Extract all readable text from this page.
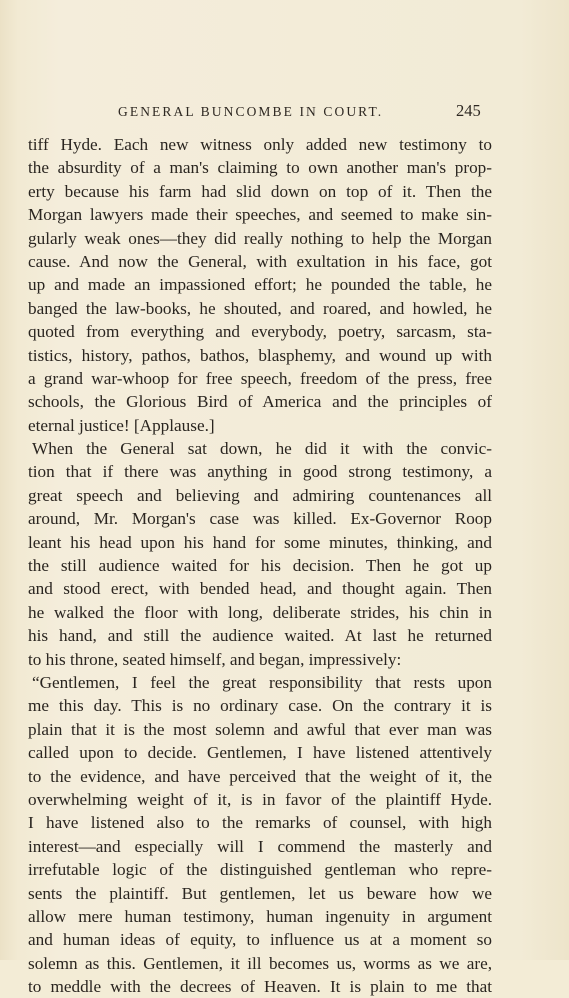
GENERAL BUNCOMBE IN COURT.	245
tiff Hyde. Each new witness only added new testimony to
the absurdity of a man's claiming to own another man's prop-
erty because his farm had slid down on top of it. Then the
Morgan lawyers made their speeches, and seemed to make sin-
gularly weak ones—they did really nothing to help the Morgan
cause. And now the General, with exultation in his face, got
up and made an impassioned effort; he pounded the table, he
banged the law-books, he shouted, and roared, and howled, he
quoted from everything and everybody, poetry, sarcasm, sta-
tistics, history, pathos, bathos, blasphemy, and wound up with
a grand war-whoop for free speech, freedom of the press, free
schools, the Glorious Bird of America and the principles of
eternal justice! [Applause.]
When the General sat down, he did it with the convic-
tion that if there was anything in good strong testimony, a
great speech and believing and admiring countenances all
around, Mr. Morgan's case was killed. Ex-Governor Roop
leant his head upon his hand for some minutes, thinking, and
the still audience waited for his decision. Then he got up
and stood erect, with bended head, and thought again. Then
he walked the floor with long, deliberate strides, his chin in
his hand, and still the audience waited. At last he returned
to his throne, seated himself, and began, impressively:
“Gentlemen, I feel the great responsibility that rests upon
me this day. This is no ordinary case. On the contrary it is
plain that it is the most solemn and awful that ever man was
called upon to decide. Gentlemen, I have listened attentively
to the evidence, and have perceived that the weight of it, the
overwhelming weight of it, is in favor of the plaintiff Hyde.
I have listened also to the remarks of counsel, with high
interest—and especially will I commend the masterly and
irrefutable logic of the distinguished gentleman who repre-
sents the plaintiff. But gentlemen, let us beware how we
allow mere human testimony, human ingenuity in argument
and human ideas of equity, to influence us at a moment so
solemn as this. Gentlemen, it ill becomes us, worms as we are,
to meddle with the decrees of Heaven. It is plain to me that
